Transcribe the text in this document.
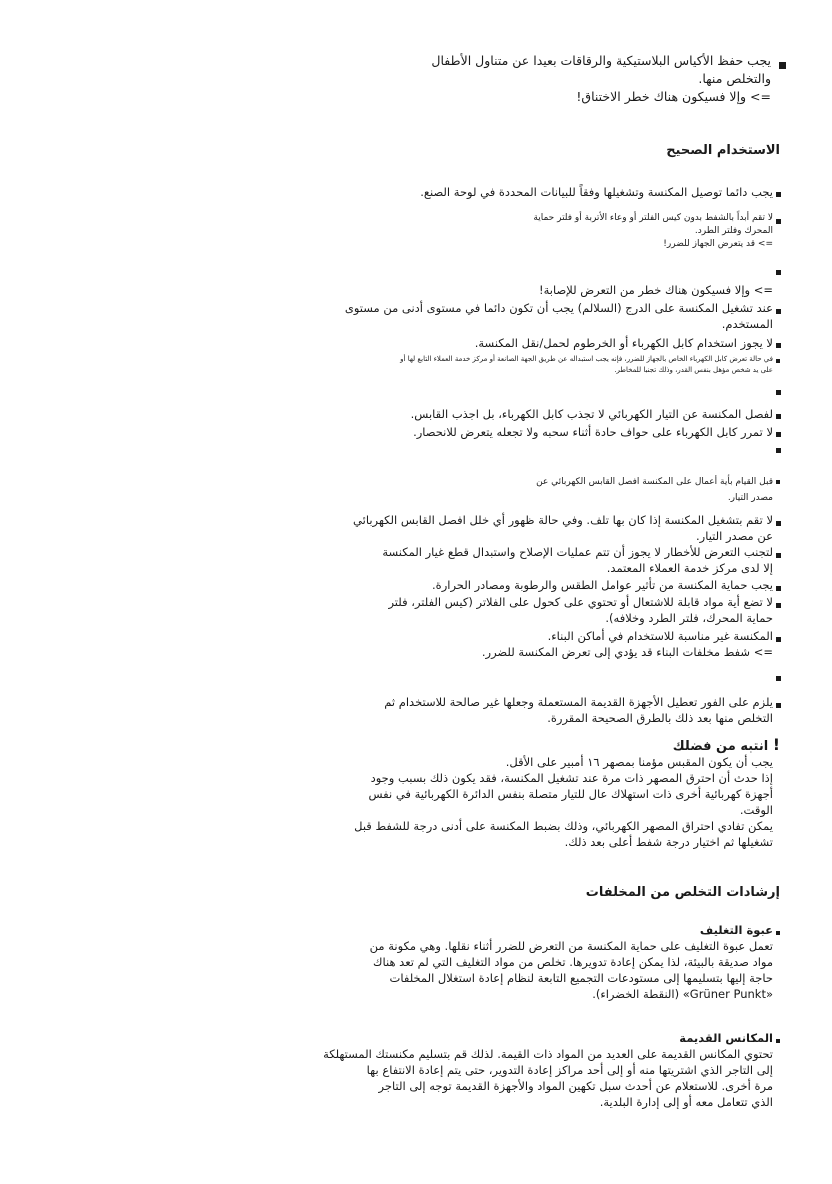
يجب حفظ الأكياس البلاستيكية والرقاقات بعيدا عن متناول الأطفال
والتخلص منها.
=> وإلا فسيكون هناك خطر الاختناق!
الاستخدام الصحيح
يجب دائما توصيل المكنسة وتشغيلها وفقاً للبيانات المحددة في لوحة الصنع.
لا تقم أبداً بالشفط بدون كيس الفلتر أو وعاء الأتربة أو فلتر حماية
المحرك وفلتر الطرد.
=> قد يتعرض الجهاز للضرر!
=> وإلا فسيكون هناك خطر من التعرض للإصابة!
عند تشغيل المكنسة على الدرج (السلالم) يجب أن تكون دائما في مستوى أدنى من مستوى
المستخدم.
لا يجوز استخدام كابل الكهرباء أو الخرطوم لحمل/نقل المكنسة.
في حالة تعرض كابل الكهرباء الخاص بالجهاز للضرر، فإنه يجب استبداله عن طريق الجهة الصانعة أو مركز خدمة العملاء التابع لها أو
على يد شخص مؤهل بنفس القدر، وذلك تجنبا للمخاطر.
لفصل المكنسة عن التيار الكهربائي لا تجذب كابل الكهرباء، بل اجذب القابس.
لا تمرر كابل الكهرباء على حواف حادة أثناء سحبه ولا تجعله يتعرض للانحصار.
قبل القيام بأية أعمال على المكنسة افصل القابس الكهربائي عن
مصدر التيار.
لا تقم بتشغيل المكنسة إذا كان بها تلف. وفي حالة ظهور أي خلل افصل القابس الكهربائي
عن مصدر التيار.
لتجنب التعرض للأخطار لا يجوز أن تتم عمليات الإصلاح واستبدال قطع غيار المكنسة
إلا لدى مركز خدمة العملاء المعتمد.
يجب حماية المكنسة من تأثير عوامل الطقس والرطوبة ومصادر الحرارة.
لا تضع أية مواد قابلة للاشتعال أو تحتوي على كحول على الفلاتر (كيس الفلتر، فلتر
حماية المحرك، فلتر الطرد وخلافه).
المكنسة غير مناسبة للاستخدام في أماكن البناء.
=> شفط مخلفات البناء قد يؤدي إلى تعرض المكنسة للضرر.
يلزم على الفور تعطيل الأجهزة القديمة المستعملة وجعلها غير صالحة للاستخدام ثم
التخلص منها بعد ذلك بالطرق الصحيحة المقررة.
! انتبه من فضلك
يجب أن يكون المقبس مؤمنا بمصهر ١٦ أمبير على الأقل.
إذا حدث أن احترق المصهر ذات مرة عند تشغيل المكنسة، فقد يكون ذلك بسبب وجود
أجهزة كهربائية أخرى ذات استهلاك عال للتيار متصلة بنفس الدائرة الكهربائية في نفس
الوقت.
يمكن تفادي احتراق المصهر الكهربائي، وذلك بضبط المكنسة على أدنى درجة للشفط قبل
تشغيلها ثم اختيار درجة شفط أعلى بعد ذلك.
إرشادات التخلص من المخلفات
عبوة التغليف
تعمل عبوة التغليف على حماية المكنسة من التعرض للضرر أثناء نقلها. وهي مكونة من
مواد صديقة بالبيئة، لذا يمكن إعادة تدويرها. تخلص من مواد التغليف التي لم تعد هناك
حاجة إليها بتسليمها إلى مستودعات التجميع التابعة لنظام إعادة استغلال المخلفات
«Grüner Punkt» (النقطة الخضراء).
المكانس القديمة
تحتوي المكانس القديمة على العديد من المواد ذات القيمة. لذلك قم بتسليم مكنستك المستهلكة
إلى التاجر الذي اشتريتها منه أو إلى أحد مراكز إعادة التدوير، حتى يتم إعادة الانتفاع بها
مرة أخرى. للاستعلام عن أحدث سبل تكهين المواد والأجهزة القديمة توجه إلى التاجر
الذي تتعامل معه أو إلى إدارة البلدية.
